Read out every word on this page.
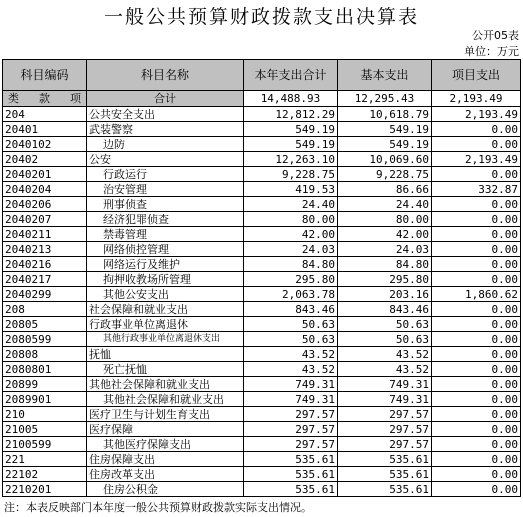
一般公共预算财政拨款支出决算表
公开05表
单位：万元
科目编码	科目名称	本年支出合计	基本支出	项目支出

类 款 项	合计	14,488.93	12,295.43	2,193.49
204	公共安全支出	12,812.29	10,618.79	2,193.49
20401	武装警察	549.19	549.19	0.00
2040102	边防	549.19	549.19	0.00
20402	公安	12,263.10	10,069.60	2,193.49
2040201	行政运行	9,228.75	9,228.75	0.00
2040204	治安管理	419.53	86.66	332.87
2040206	刑事侦查	24.40	24.40	0.00
2040207	经济犯罪侦查	80.00	80.00	0.00
2040211	禁毒管理	42.00	42.00	0.00
2040213	网络侦控管理	24.03	24.03	0.00
2040216	网络运行及维护	84.80	84.80	0.00
2040217	拘押收教场所管理	295.80	295.80	0.00
2040299	其他公安支出	2,063.78	203.16	1,860.62
208	社会保障和就业支出	843.46	843.46	0.00
20805	行政事业单位离退休	50.63	50.63	0.00
2080599	其他行政事业单位离退休支出	50.63	50.63	0.00
20808	抚恤	43.52	43.52	0.00
2080801	死亡抚恤	43.52	43.52	0.00
20899	其他社会保障和就业支出	749.31	749.31	0.00
2089901	其他社会保障和就业支出	749.31	749.31	0.00
210	医疗卫生与计划生育支出	297.57	297.57	0.00
21005	医疗保障	297.57	297.57	0.00
2100599	其他医疗保障支出	297.57	297.57	0.00
221	住房保障支出	535.61	535.61	0.00
22102	住房改革支出	535.61	535.61	0.00
2210201	住房公积金	535.61	535.61	0.00
注：本表反映部门本年度一般公共预算财政拨款实际支出情况。
